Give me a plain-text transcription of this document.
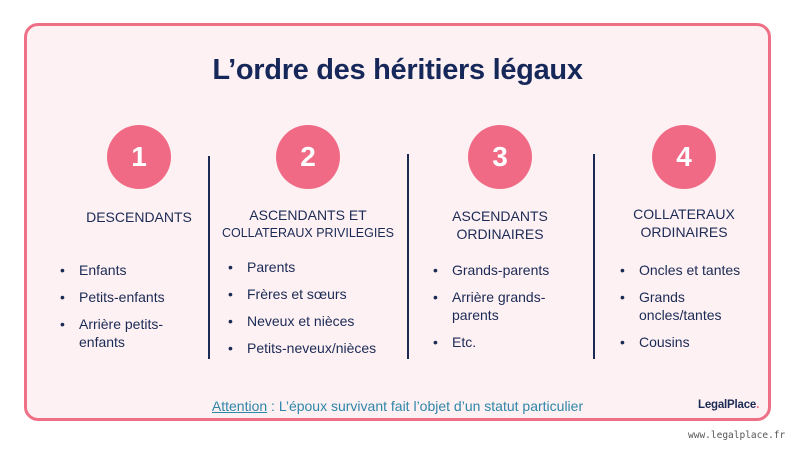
L’ordre des héritiers légaux
1
DESCENDANTS
• Enfants
• Petits-enfants
• Arrière petits-enfants
2
ASCENDANTS ET
COLLATERAUX PRIVILEGIES
• Parents
• Frères et sœurs
• Neveux et nièces
• Petits-neveux/nièces
3
ASCENDANTS
ORDINAIRES
• Grands-parents
• Arrière grands-parents
• Etc.
4
COLLATERAUX
ORDINAIRES
• Oncles et tantes
• Grands oncles/tantes
• Cousins
Attention : L’époux survivant fait l’objet d’un statut particulier	LegalPlace.
www.legalplace.fr
